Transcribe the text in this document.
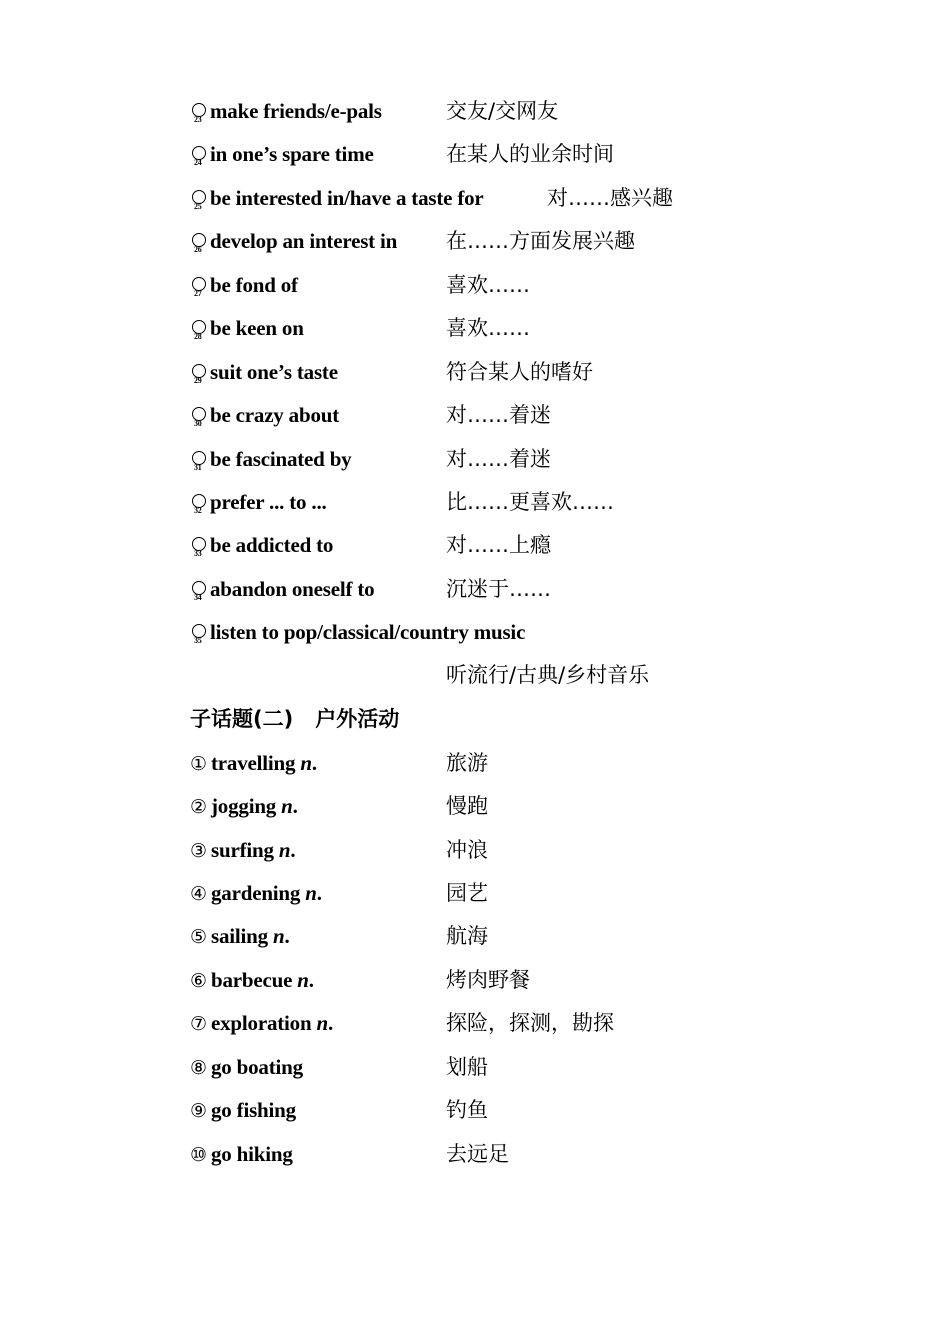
23 make friends/e-pals	交友/交网友
24 in one’s spare time	在某人的业余时间
25 be interested in/have a taste for	对……感兴趣
26 develop an interest in 在……方面发展兴趣
27 be fond of	喜欢……
28 be keen on	喜欢……
29 suit one’s taste	符合某人的嗜好
30 be crazy about	对……着迷
31 be fascinated by	对……着迷
32 prefer ... to ...	比……更喜欢……
33 be addicted to	对……上瘾
34 abandon oneself to	沉迷于……
35 listen to pop/classical/country music
听流行/古典/乡村音乐
子话题(二) 户外活动
① travelling n.	旅游
② jogging n.	慢跑
③ surfing n.	冲浪
④ gardening n.	园艺
⑤ sailing n.	航海
⑥ barbecue n.	烤肉野餐
⑦ exploration n.	探险，探测，勘探
⑧ go boating	划船
⑨ go fishing	钓鱼
⑩ go hiking	去远足
